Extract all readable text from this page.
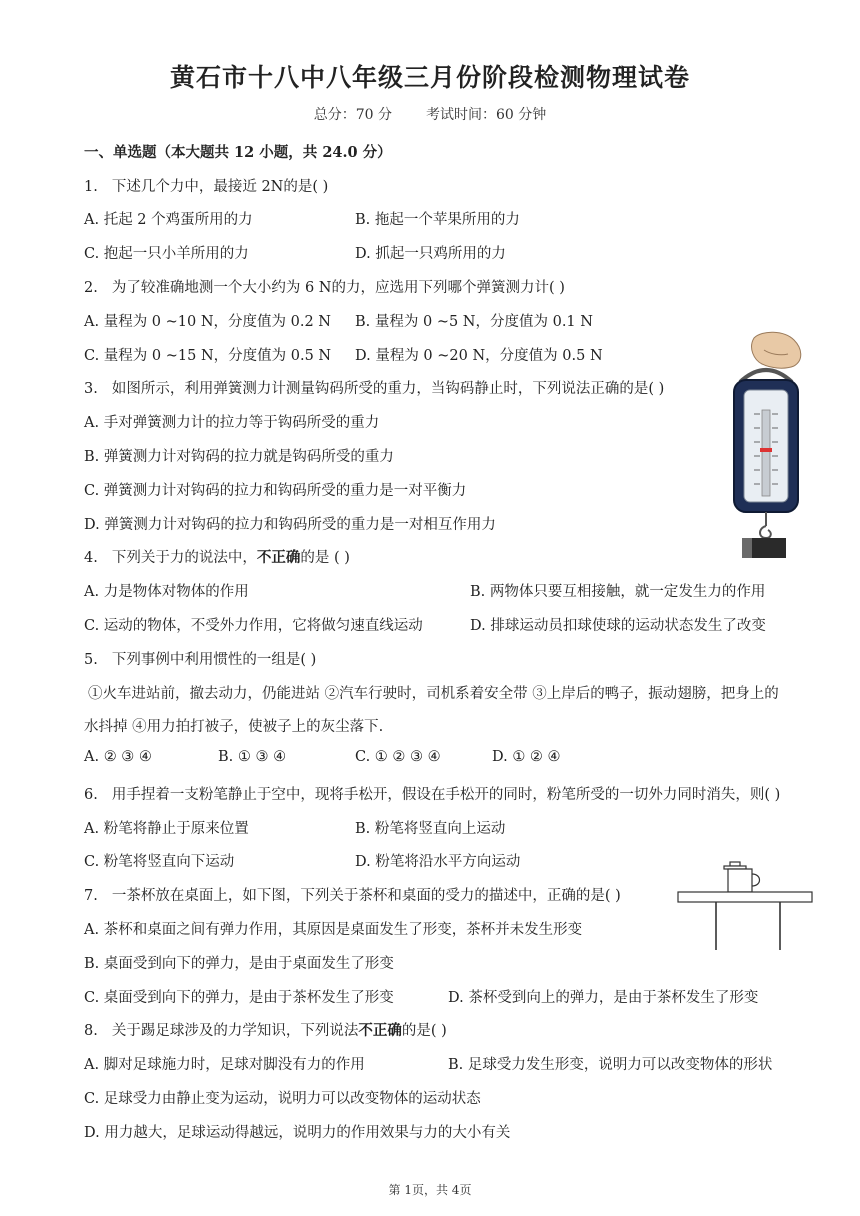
黄石市十八中八年级三月份阶段检测物理试卷
总分：70 分 考试时间：60 分钟
一、单选题（本大题共 12 小题，共 24.0 分）
1. 下述几个力中，最接近 2N的是( )
A. 托起 2 个鸡蛋所用的力	B. 拖起一个苹果所用的力
C. 抱起一只小羊所用的力	D. 抓起一只鸡所用的力
2. 为了较准确地测一个大小约为 6 N的力，应选用下列哪个弹簧测力计( )
A. 量程为 0 ~10 N，分度值为 0.2 N B. 量程为 0 ~5 N，分度值为 0.1 N
C. 量程为 0 ~15 N，分度值为 0.5 N D. 量程为 0 ~20 N，分度值为 0.5 N
3. 如图所示，利用弹簧测力计测量钩码所受的重力，当钩码静止时，下列说法正确的是( )
A. 手对弹簧测力计的拉力等于钩码所受的重力
B. 弹簧测力计对钩码的拉力就是钩码所受的重力
C. 弹簧测力计对钩码的拉力和钩码所受的重力是一对平衡力
D. 弹簧测力计对钩码的拉力和钩码所受的重力是一对相互作用力
4. 下列关于力的说法中，不正确的是 ( )
A. 力是物体对物体的作用	B. 两物体只要互相接触，就一定发生力的作用
C. 运动的物体，不受外力作用，它将做匀速直线运动	D. 排球运动员扣球使球的运动状态发生了改变
5. 下列事例中利用惯性的一组是( )
①火车进站前，撤去动力，仍能进站 ②汽车行驶时，司机系着安全带 ③上岸后的鸭子，振动翅膀，把身上的
水抖掉 ④用力拍打被子，使被子上的灰尘落下.
A. ② ③ ④	B. ① ③ ④	C. ① ② ③ ④	D. ① ② ④
6. 用手捏着一支粉笔静止于空中，现将手松开，假设在手松开的同时，粉笔所受的一切外力同时消失，则( )
A. 粉笔将静止于原来位置	B. 粉笔将竖直向上运动
C. 粉笔将竖直向下运动	D. 粉笔将沿水平方向运动
7. 一茶杯放在桌面上，如下图，下列关于茶杯和桌面的受力的描述中，正确的是( )
A. 茶杯和桌面之间有弹力作用，其原因是桌面发生了形变，茶杯并未发生形变
B. 桌面受到向下的弹力，是由于桌面发生了形变
C. 桌面受到向下的弹力，是由于茶杯发生了形变	D. 茶杯受到向上的弹力，是由于茶杯发生了形变
8. 关于踢足球涉及的力学知识，下列说法不正确的是( )
A. 脚对足球施力时，足球对脚没有力的作用	B. 足球受力发生形变，说明力可以改变物体的形状
C. 足球受力由静止变为运动，说明力可以改变物体的运动状态
D. 用力越大，足球运动得越远，说明力的作用效果与力的大小有关
第 1页，共 4页
